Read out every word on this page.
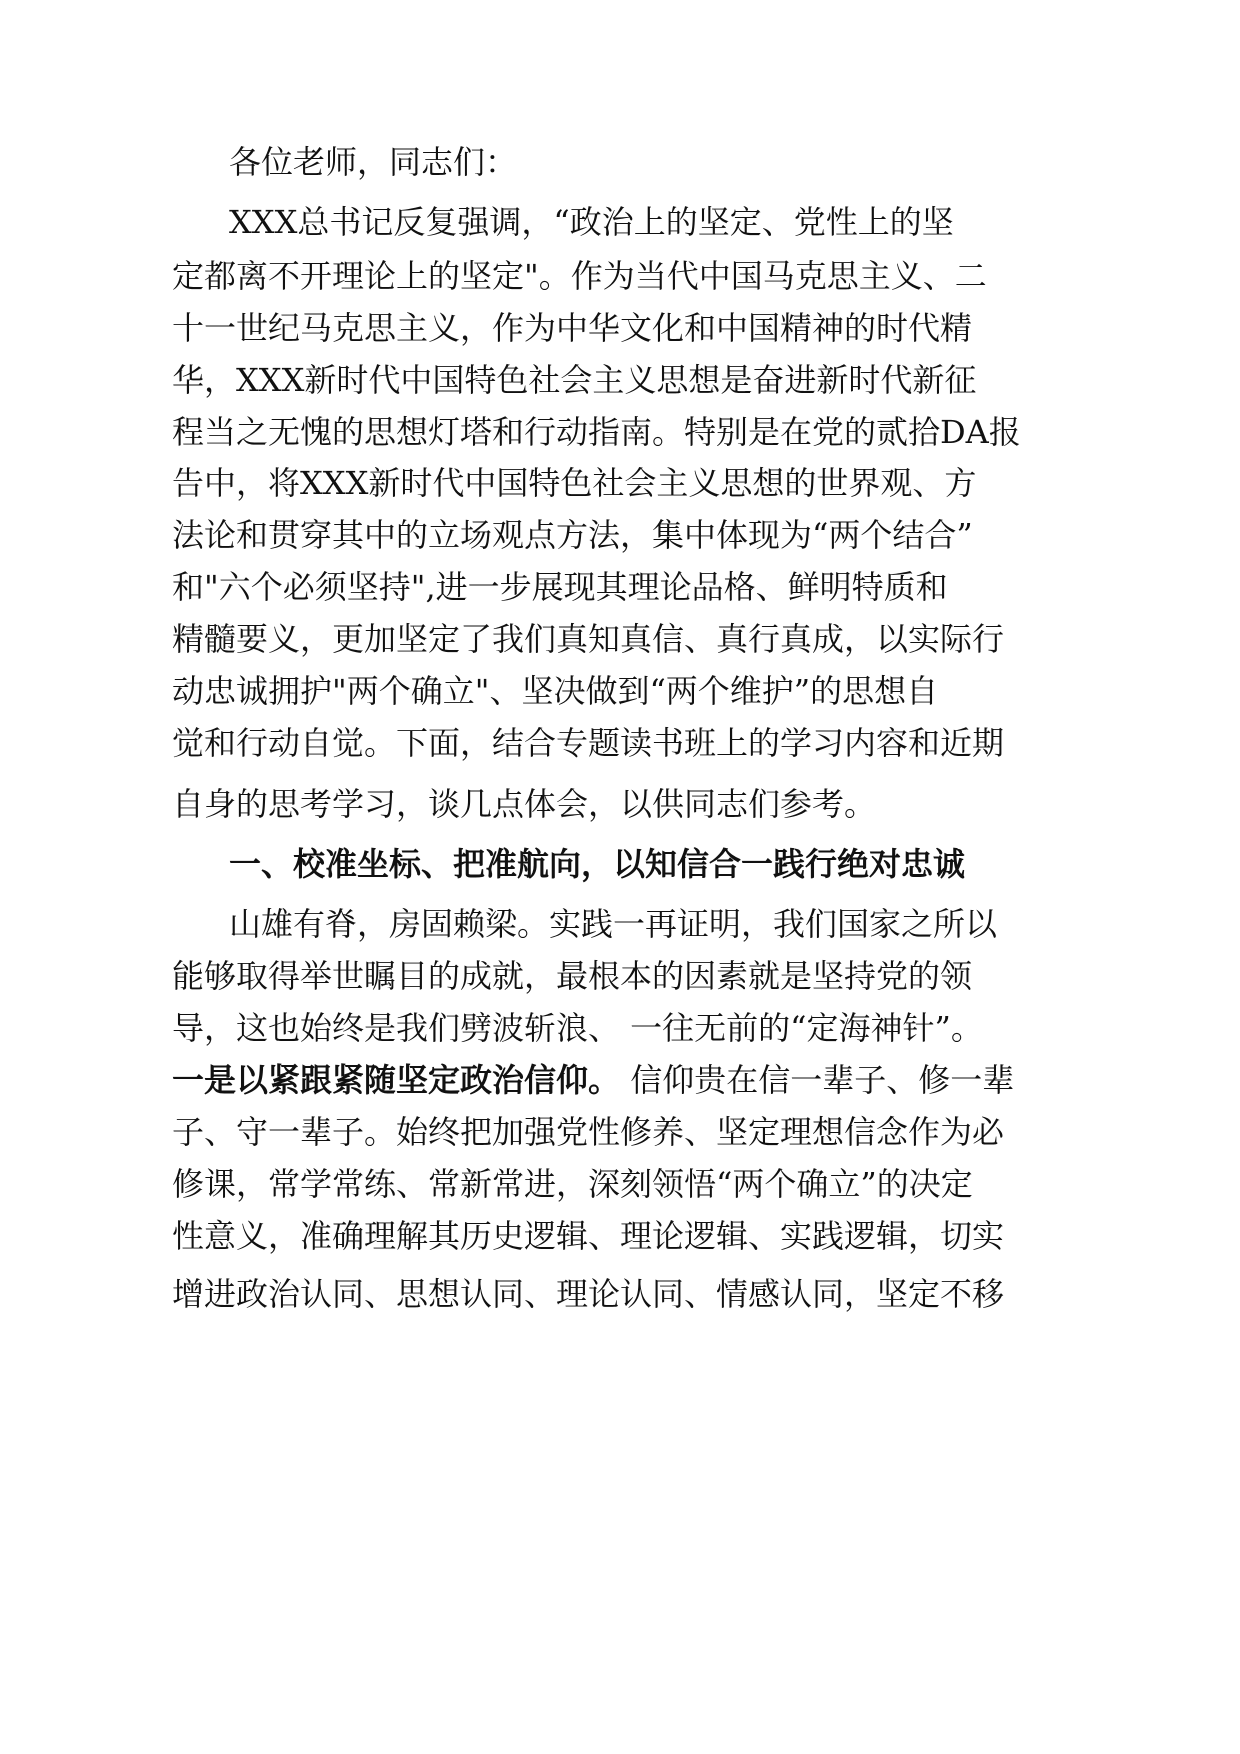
各位老师，同志们：
XXX总书记反复强调，“政治上的坚定、党性上的坚
定都离不开理论上的坚定"。作为当代中国马克思主义、二
十一世纪马克思主义，作为中华文化和中国精神的时代精
华，XXX新时代中国特色社会主义思想是奋进新时代新征
程当之无愧的思想灯塔和行动指南。特别是在党的贰拾DA报
告中，将XXX新时代中国特色社会主义思想的世界观、方
法论和贯穿其中的立场观点方法，集中体现为“两个结合”
和"六个必须坚持",进一步展现其理论品格、鲜明特质和
精髓要义，更加坚定了我们真知真信、真行真成，以实际行
动忠诚拥护"两个确立"、坚决做到“两个维护”的思想自
觉和行动自觉。下面，结合专题读书班上的学习内容和近期
自身的思考学习，谈几点体会，以供同志们参考。
一、校准坐标、把准航向，以知信合一践行绝对忠诚
山雄有脊，房固赖梁。实践一再证明，我们国家之所以
能够取得举世瞩目的成就，最根本的因素就是坚持党的领
导，这也始终是我们劈波斩浪、 一往无前的“定海神针”。
一是以紧跟紧随坚定政治信仰。 信仰贵在信一辈子、修一辈
子、守一辈子。始终把加强党性修养、坚定理想信念作为必
修课，常学常练、常新常进，深刻领悟“两个确立”的决定
性意义，准确理解其历史逻辑、理论逻辑、实践逻辑，切实
增进政治认同、思想认同、理论认同、情感认同，坚定不移
